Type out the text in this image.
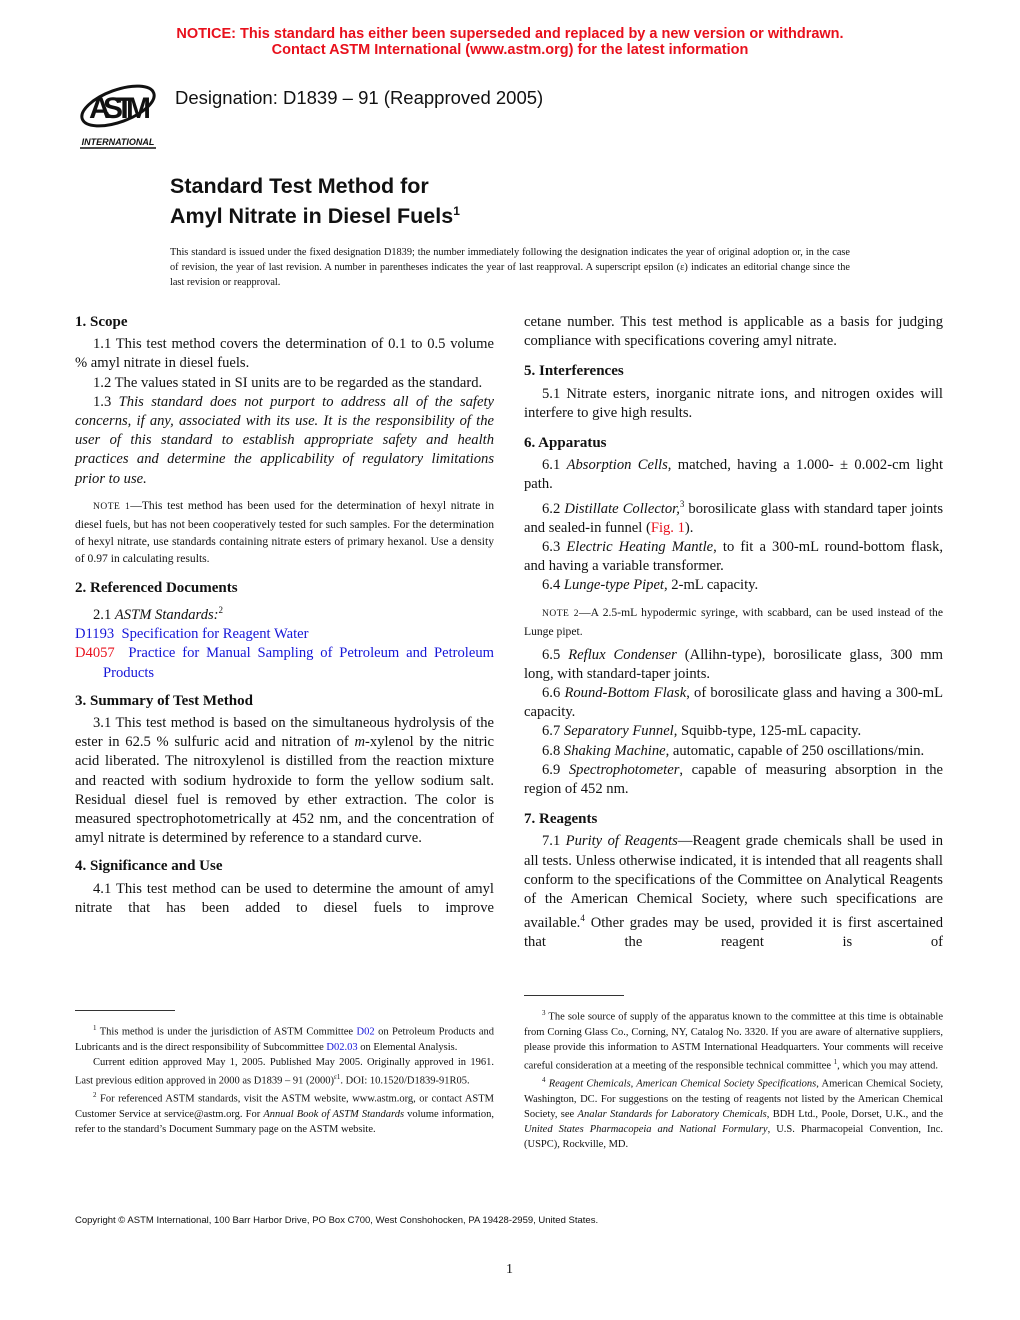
NOTICE: This standard has either been superseded and replaced by a new version or withdrawn.
Contact ASTM International (www.astm.org) for the latest information
ASTM
INTERNATIONAL
Designation: D1839 – 91 (Reapproved 2005)
Standard Test Method for
Amyl Nitrate in Diesel Fuels$^1$
This standard is issued under the fixed designation D1839; the number immediately following the designation indicates the year of original adoption or, in the case of revision, the year of last revision. A number in parentheses indicates the year of last reapproval. A superscript epsilon (ε) indicates an editorial change since the last revision or reapproval.
1. Scope

1.1 This test method covers the determination of 0.1 to 0.5 volume % amyl nitrate in diesel fuels.

1.2 The values stated in SI units are to be regarded as the standard.

1.3 This standard does not purport to address all of the safety concerns, if any, associated with its use. It is the responsibility of the user of this standard to establish appropriate safety and health practices and determine the applicability of regulatory limitations prior to use.

NOTE 1—This test method has been used for the determination of hexyl nitrate in diesel fuels, but has not been cooperatively tested for such samples. For the determination of hexyl nitrate, use standards containing nitrate esters of primary hexanol. Use a density of 0.97 in calculating results.

2. Referenced Documents

2.1 ASTM Standards:$^2$

D1193 Specification for Reagent Water

D4057 Practice for Manual Sampling of Petroleum and Petroleum Products

3. Summary of Test Method

3.1 This test method is based on the simultaneous hydrolysis of the ester in 62.5 % sulfuric acid and nitration of m-xylenol by the nitric acid liberated. The nitroxylenol is distilled from the reaction mixture and reacted with sodium hydroxide to form the yellow sodium salt. Residual diesel fuel is removed by ether extraction. The color is measured spectrophotometrically at 452 nm, and the concentration of amyl nitrate is determined by reference to a standard curve.

4. Significance and Use

4.1 This test method can be used to determine the amount of amyl nitrate that has been added to diesel fuels to improve

cetane number. This test method is applicable as a basis for judging compliance with specifications covering amyl nitrate.

5. Interferences

5.1 Nitrate esters, inorganic nitrate ions, and nitrogen oxides will interfere to give high results.

6. Apparatus

6.1 Absorption Cells, matched, having a 1.000- ± 0.002-cm light path.

6.2 Distillate Collector,$^3$ borosilicate glass with standard taper joints and sealed-in funnel (Fig. 1).

6.3 Electric Heating Mantle, to fit a 300-mL round-bottom flask, and having a variable transformer.

6.4 Lunge-type Pipet, 2-mL capacity.

NOTE 2—A 2.5-mL hypodermic syringe, with scabbard, can be used instead of the Lunge pipet.

6.5 Reflux Condenser (Allihn-type), borosilicate glass, 300 mm long, with standard-taper joints.

6.6 Round-Bottom Flask, of borosilicate glass and having a 300-mL capacity.

6.7 Separatory Funnel, Squibb-type, 125-mL capacity.

6.8 Shaking Machine, automatic, capable of 250 oscillations/min.

6.9 Spectrophotometer, capable of measuring absorption in the region of 452 nm.

7. Reagents

7.1 Purity of Reagents—Reagent grade chemicals shall be used in all tests. Unless otherwise indicated, it is intended that all reagents shall conform to the specifications of the Committee on Analytical Reagents of the American Chemical Society, where such specifications are available.$^4$ Other grades may be used, provided it is first ascertained that the reagent is of

$^1$ This method is under the jurisdiction of ASTM Committee D02 on Petroleum Products and Lubricants and is the direct responsibility of Subcommittee D02.03 on Elemental Analysis.

Current edition approved May 1, 2005. Published May 2005. Originally approved in 1961. Last previous edition approved in 2000 as D1839 – 91 $(2000)^{\varepsilon 1}$. DOI: 10.1520/D1839-91R05.

$^2$ For referenced ASTM standards, visit the ASTM website, www.astm.org, or contact ASTM Customer Service at service@astm.org. For Annual Book of ASTM Standards volume information, refer to the standard’s Document Summary page on the ASTM website.

$^3$ The sole source of supply of the apparatus known to the committee at this time is obtainable from Corning Glass Co., Corning, NY, Catalog No. 3320. If you are aware of alternative suppliers, please provide this information to ASTM International Headquarters. Your comments will receive careful consideration at a meeting of the responsible technical committee $^1$, which you may attend.

$^4$ Reagent Chemicals, American Chemical Society Specifications, American Chemical Society, Washington, DC. For suggestions on the testing of reagents not listed by the American Chemical Society, see Analar Standards for Laboratory Chemicals, BDH Ltd., Poole, Dorset, U.K., and the United States Pharmacopeia and National Formulary, U.S. Pharmacopeial Convention, Inc. (USPC), Rockville, MD.

Copyright © ASTM International, 100 Barr Harbor Drive, PO Box C700, West Conshohocken, PA 19428-2959, United States.
1
